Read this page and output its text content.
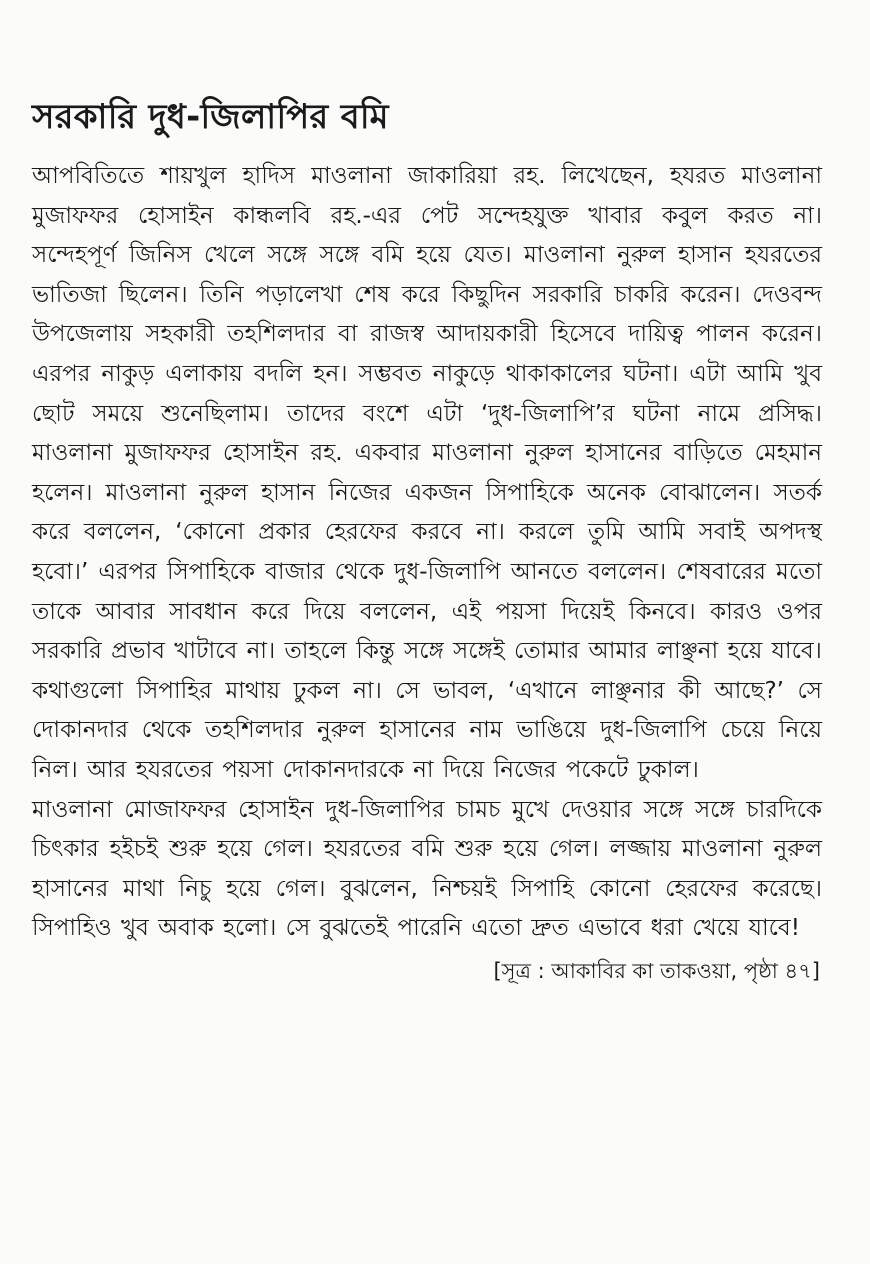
সরকারি দুধ-জিলাপির বমি

আপবিতিতে শায়খুল হাদিস মাওলানা জাকারিয়া রহ. লিখেছেন, হযরত মাওলানা মুজাফফর হোসাইন কান্ধলবি রহ.-এর পেট সন্দেহযুক্ত খাবার কবুল করত না। সন্দেহপূর্ণ জিনিস খেলে সঙ্গে সঙ্গে বমি হয়ে যেত। মাওলানা নুরুল হাসান হযরতের ভাতিজা ছিলেন। তিনি পড়ালেখা শেষ করে কিছুদিন সরকারি চাকরি করেন। দেওবন্দ উপজেলায় সহকারী তহশিলদার বা রাজস্ব আদায়কারী হিসেবে দায়িত্ব পালন করেন। এরপর নাকুড় এলাকায় বদলি হন। সম্ভবত নাকুড়ে থাকাকালের ঘটনা। এটা আমি খুব ছোট সময়ে শুনেছিলাম। তাদের বংশে এটা ‘দুধ-জিলাপি’র ঘটনা নামে প্রসিদ্ধ। মাওলানা মুজাফফর হোসাইন রহ. একবার মাওলানা নুরুল হাসানের বাড়িতে মেহমান হলেন। মাওলানা নুরুল হাসান নিজের একজন সিপাহিকে অনেক বোঝালেন। সতর্ক করে বললেন, ‘কোনো প্রকার হেরফের করবে না। করলে তুমি আমি সবাই অপদস্থ হবো।’ এরপর সিপাহিকে বাজার থেকে দুধ-জিলাপি আনতে বললেন। শেষবারের মতো তাকে আবার সাবধান করে দিয়ে বললেন, এই পয়সা দিয়েই কিনবে। কারও ওপর সরকারি প্রভাব খাটাবে না। তাহলে কিন্তু সঙ্গে সঙ্গেই তোমার আমার লাঞ্ছনা হয়ে যাবে।

কথাগুলো সিপাহির মাথায় ঢুকল না। সে ভাবল, ‘এখানে লাঞ্ছনার কী আছে?’ সে দোকানদার থেকে তহশিলদার নুরুল হাসানের নাম ভাঙিয়ে দুধ-জিলাপি চেয়ে নিয়ে নিল। আর হযরতের পয়সা দোকানদারকে না দিয়ে নিজের পকেটে ঢুকাল।

মাওলানা মোজাফফর হোসাইন দুধ-জিলাপির চামচ মুখে দেওয়ার সঙ্গে সঙ্গে চারদিকে চিৎকার হইচই শুরু হয়ে গেল। হযরতের বমি শুরু হয়ে গেল। লজ্জায় মাওলানা নুরুল হাসানের মাথা নিচু হয়ে গেল। বুঝলেন, নিশ্চয়ই সিপাহি কোনো হেরফের করেছে। সিপাহিও খুব অবাক হলো। সে বুঝতেই পারেনি এতো দ্রুত এভাবে ধরা খেয়ে যাবে!

[সূত্র : আকাবির কা তাকওয়া, পৃষ্ঠা ৪৭]
